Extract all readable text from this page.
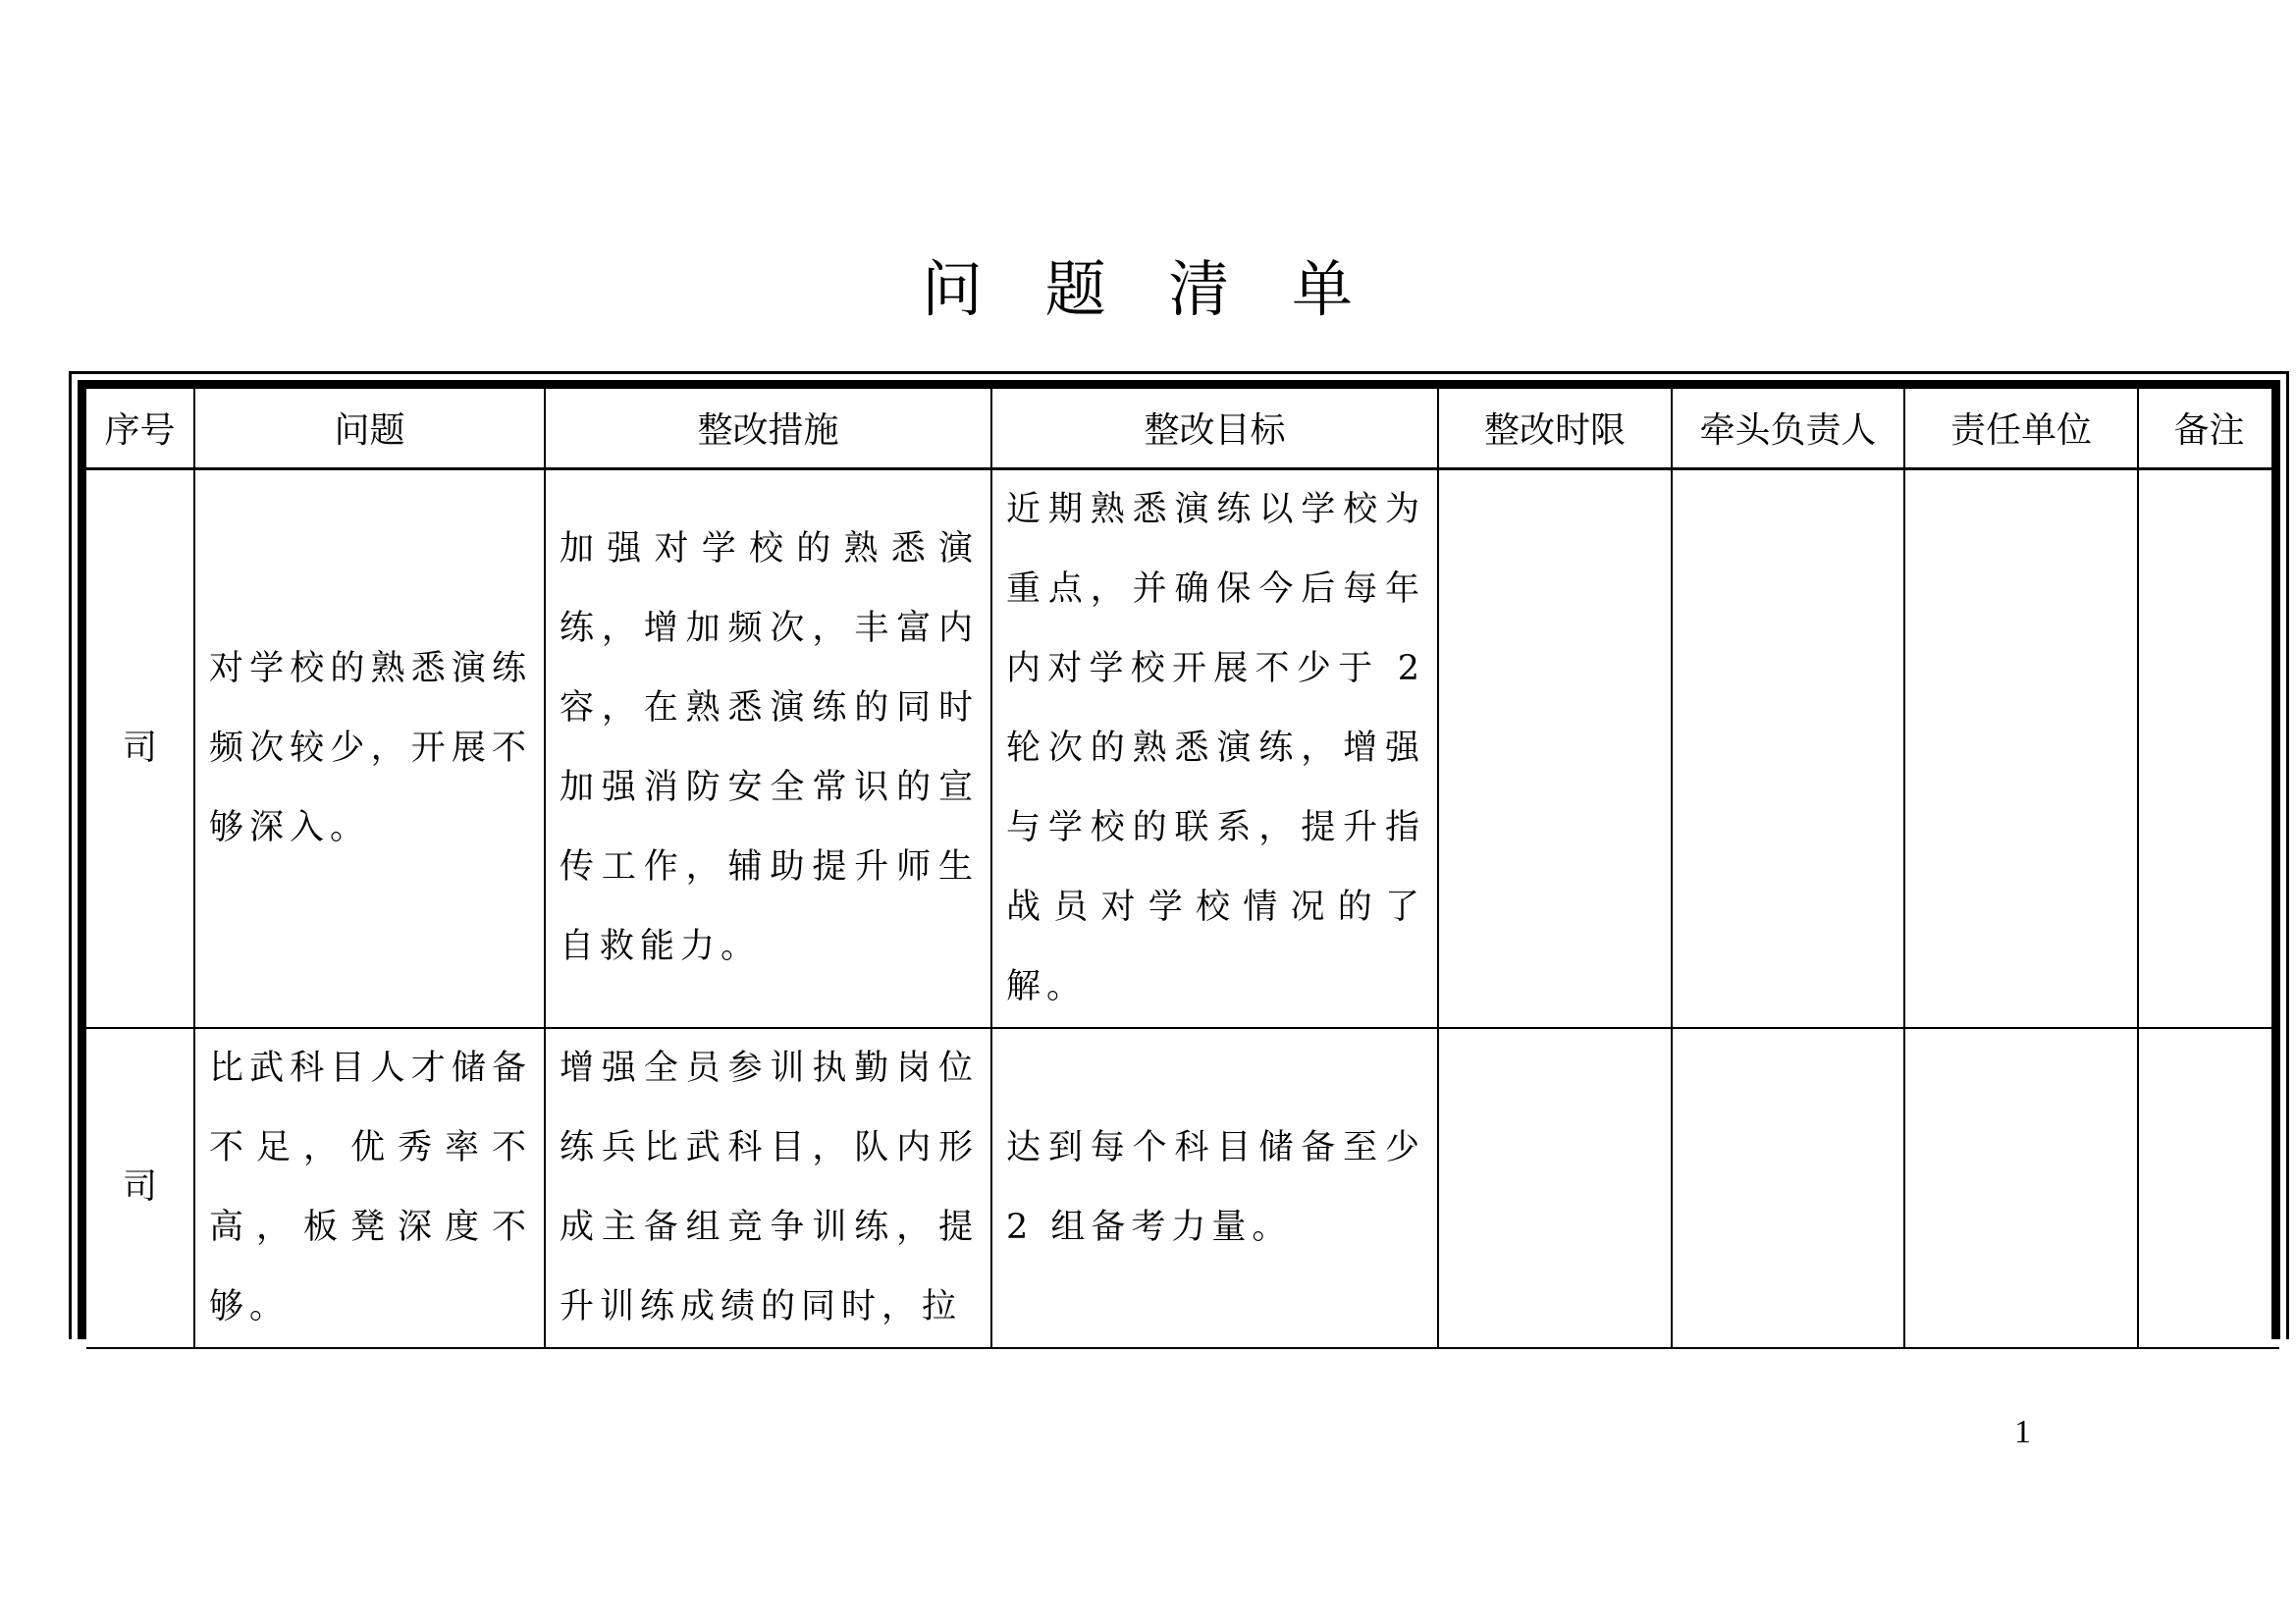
问 题 清 单
序号	问题	整改措施	整改目标	整改时限	牵头负责人	责任单位	备注
司	对学校的熟悉演练频次较少，开展不够深入。	加强对学校的熟悉演练，增加频次，丰富内容，在熟悉演练的同时加强消防安全常识的宣传工作，辅助提升师生自救能力。	近期熟悉演练以学校为重点，并确保今后每年内对学校开展不少于 2 轮次的熟悉演练，增强与学校的联系，提升指战员对学校情况的了解。				

司	比武科目人才储备不足，优秀率不高，板凳深度不够。	增强全员参训执勤岗位练兵比武科目，队内形成主备组竞争训练，提升训练成绩的同时，拉	达到每个科目储备至少 2 组备考力量。				

1
